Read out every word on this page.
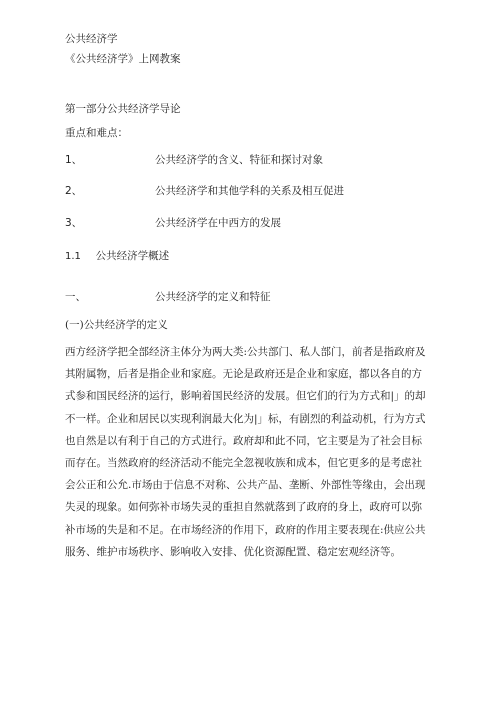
公共经济学
《公共经济学》上网教案
第一部分公共经济学导论
重点和难点：
1、	公共经济学的含义、特征和探讨对象
2、	公共经济学和其他学科的关系及相互促进
3、	公共经济学在中西方的发展
1.1 公共经济学概述
一、	公共经济学的定义和特征
(一)公共经济学的定义
西方经济学把全部经济主体分为两大类:公共部门、私人部门，前者是指政府及
其附属物，后者是指企业和家庭。无论是政府还是企业和家庭，都以各自的方
式参和国民经济的运行，影响着国民经济的发展。但它们的行为方式和|」的却
不一样。企业和居民以实现利润最大化为|」标，有剧烈的利益动机，行为方式
也自然是以有利于自己的方式进行。政府却和此不同，它主要是为了社会目标
而存在。当然政府的经济活动不能完全忽视收族和成本，但它更多的是考虑社
会公正和公允.市场由于信息不对称、公共产品、垄断、外部性等缘由，会出现
失灵的现象。如何弥补市场失灵的重担自然就落到了政府的身上，政府可以弥
补市场的失是和不足。在市场经济的作用下，政府的作用主要表现在:供应公共
服务、维护市场秩序、影响收入安排、优化资源配置、稳定宏观经济等。
